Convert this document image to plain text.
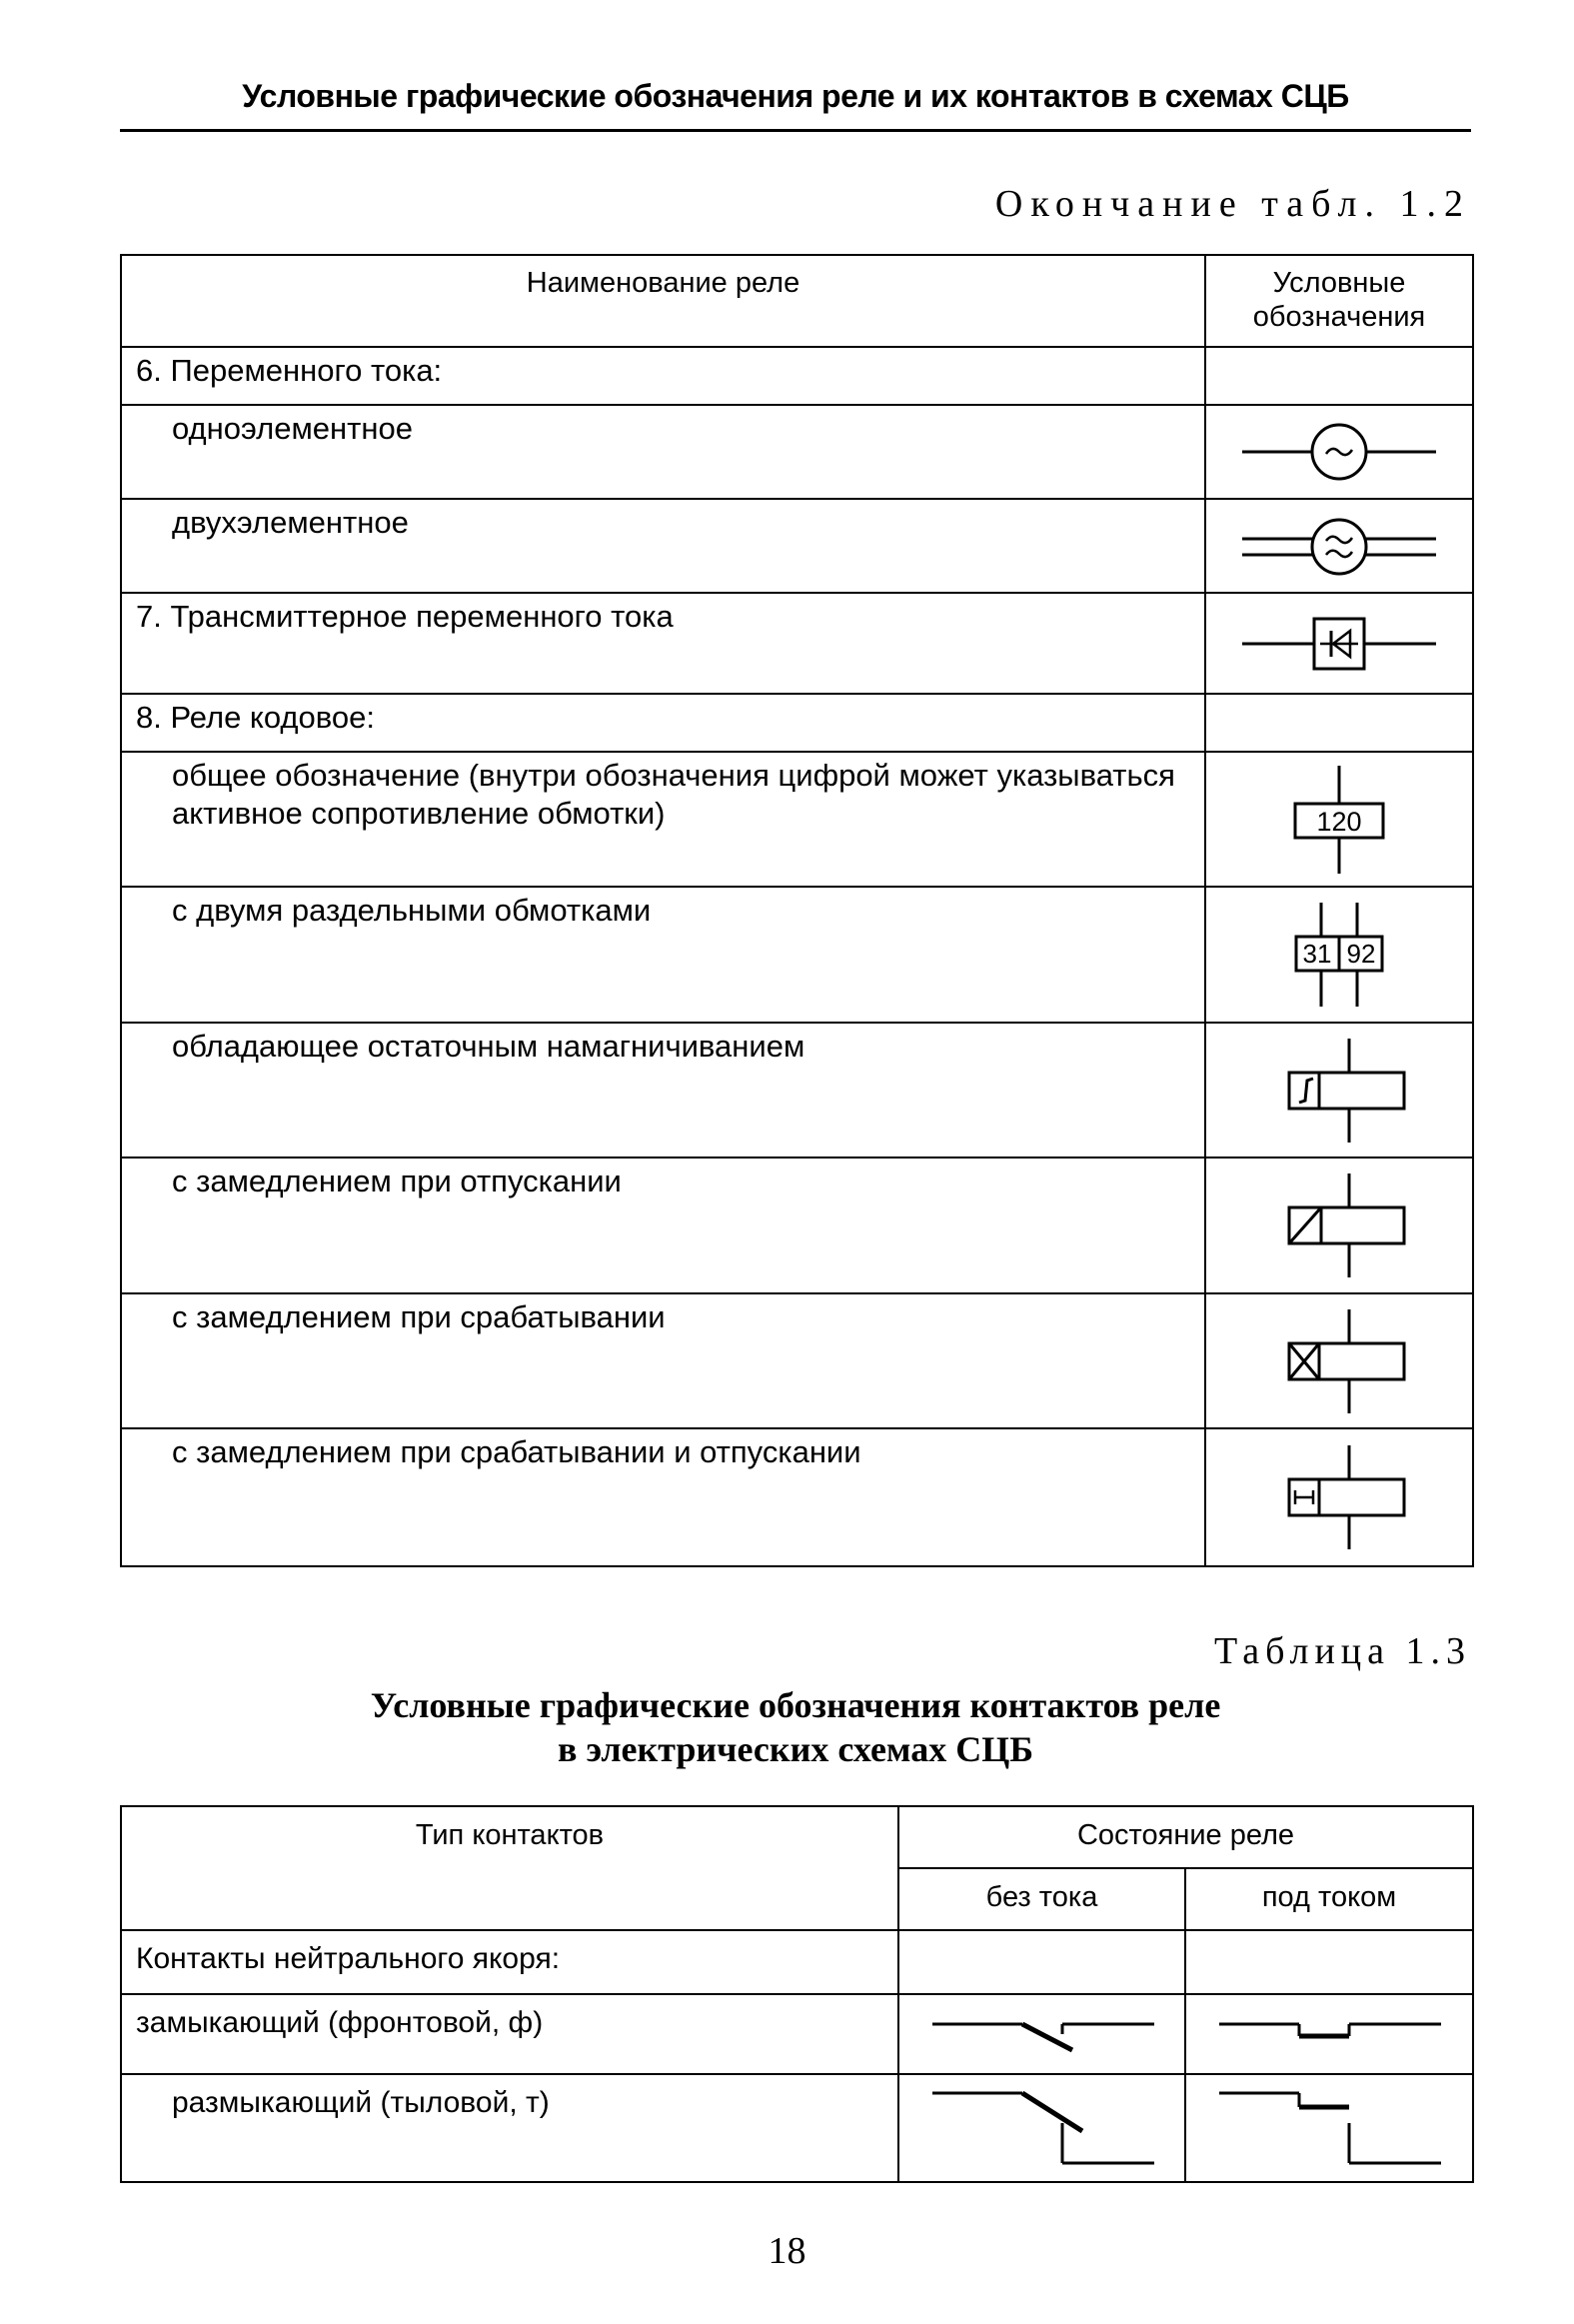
Условные графические обозначения реле и их контактов в схемах СЦБ
Окончание табл. 1.2
Наименование реле	Условные обозначения
6. Переменного тока:	
одноэлементное	

двухэлементное	

7. Трансмиттерное переменного тока	

8. Реле кодовое:	
общее обозначение (внутри обозначения цифрой может указываться активное сопротивление обмотки)	120

с двумя раздельными обмотками	31 92

обладающее остаточным намагничиванием	

с замедлением при отпускании	

с замедлением при срабатывании	

с замедлением при срабатывании и отпускании	
Таблица 1.3
Условные графические обозначения контактов реле
в электрических схемах СЦБ
Тип контактов	Состояние реле	
	без тока	под током
Контакты нейтрального якоря:		
замыкающий (фронтовой, ф)	

размыкающий (тыловой, т)	

18
